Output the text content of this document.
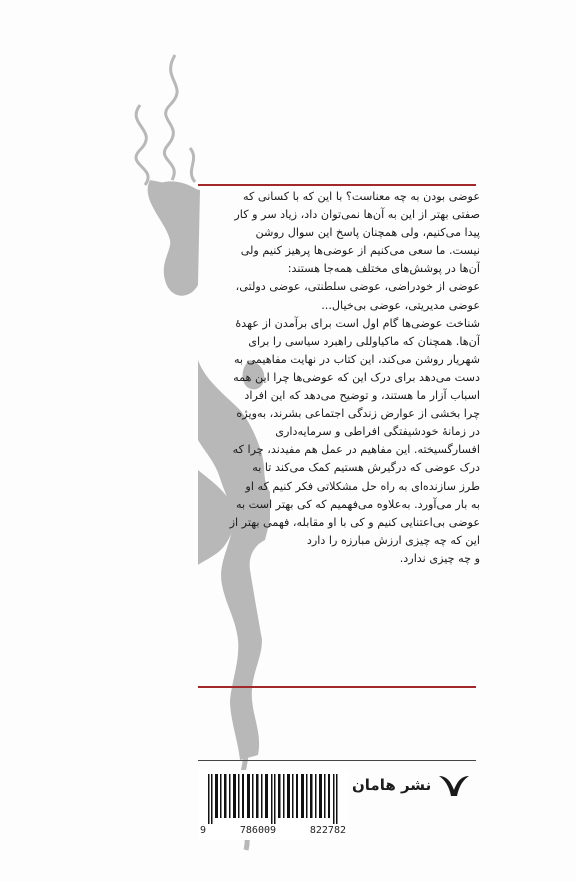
عوضی بودن به چه معناست؟ با این که با کسانی که
صفتی بهتر از این به آن‌ها نمی‌توان داد، زیاد سر و کار
پیدا می‌کنیم، ولی همچنان پاسخ این سوال روشن
نیست. ما سعی می‌کنیم از عوضی‌ها پرهیز کنیم ولی
آن‌ها در پوشش‌های مختلف همه‌جا هستند:
عوضی از خودراضی، عوضی سلطنتی، عوضی دولتی،
عوضی مدیریتی، عوضی بی‌خیال...
شناخت عوضی‌ها گام اول است برای برآمدن از عهدهٔ
آن‌ها. همچنان که ماکیاوللی راهبرد سیاسی را برای
شهریار روشن می‌کند، این کتاب در نهایت مفاهیمی به
دست می‌دهد برای درک این که عوضی‌ها چرا این همه
اسباب آزار ما هستند، و توضیح می‌دهد که این افراد
چرا بخشی از عوارض زندگی اجتماعی بشرند، به‌ویژه
در زمانهٔ خودشیفتگی افراطی و سرمایه‌داری
افسارگسیخته. این مفاهیم در عمل هم مفیدند، چرا که
درک عوضی که درگیرش هستیم کمک می‌کند تا به
طرز سازنده‌ای به راه حل مشکلاتی فکر کنیم که او
به بار می‌آورد. به‌علاوه می‌فهمیم که کی بهتر است به
عوضی بی‌اعتنایی کنیم و کی با او مقابله، فهمی بهتر از
این که چه چیزی ارزش مبارزه را دارد
و چه چیزی ندارد.
9	786009	822782
نشر هامان
